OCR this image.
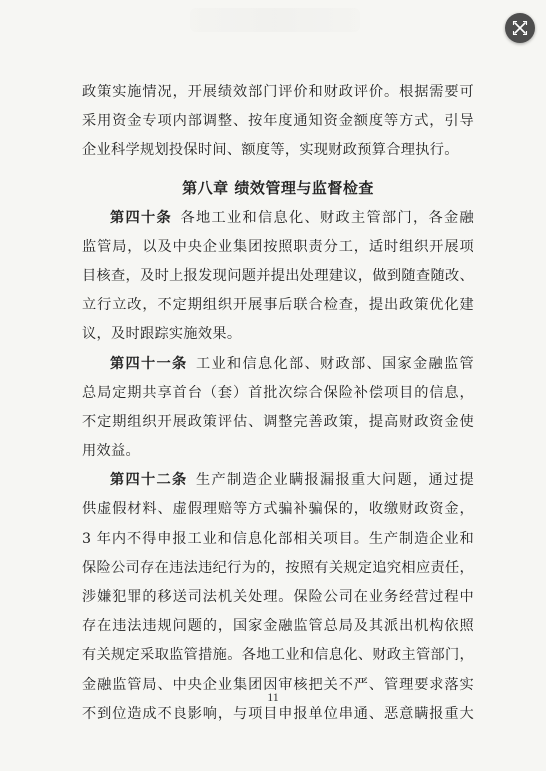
政策实施情况，开展绩效部门评价和财政评价。根据需要可
采用资金专项内部调整、按年度通知资金额度等方式，引导
企业科学规划投保时间、额度等，实现财政预算合理执行。
第八章 绩效管理与监督检查
第四十条  各地工业和信息化、财政主管部门，各金融
监管局，以及中央企业集团按照职责分工，适时组织开展项
目核查，及时上报发现问题并提出处理建议，做到随查随改、
立行立改，不定期组织开展事后联合检查，提出政策优化建
议，及时跟踪实施效果。
第四十一条  工业和信息化部、财政部、国家金融监管
总局定期共享首台（套）首批次综合保险补偿项目的信息，
不定期组织开展政策评估、调整完善政策，提高财政资金使
用效益。
第四十二条  生产制造企业瞒报漏报重大问题，通过提
供虚假材料、虚假理赔等方式骗补骗保的，收缴财政资金，
3 年内不得申报工业和信息化部相关项目。生产制造企业和
保险公司存在违法违纪行为的，按照有关规定追究相应责任，
涉嫌犯罪的移送司法机关处理。保险公司在业务经营过程中
存在违法违规问题的，国家金融监管总局及其派出机构依照
有关规定采取监管措施。各地工业和信息化、财政主管部门，
金融监管局、中央企业集团因审核把关不严、管理要求落实
不到位造成不良影响，与项目申报单位串通、恶意瞒报重大
11
